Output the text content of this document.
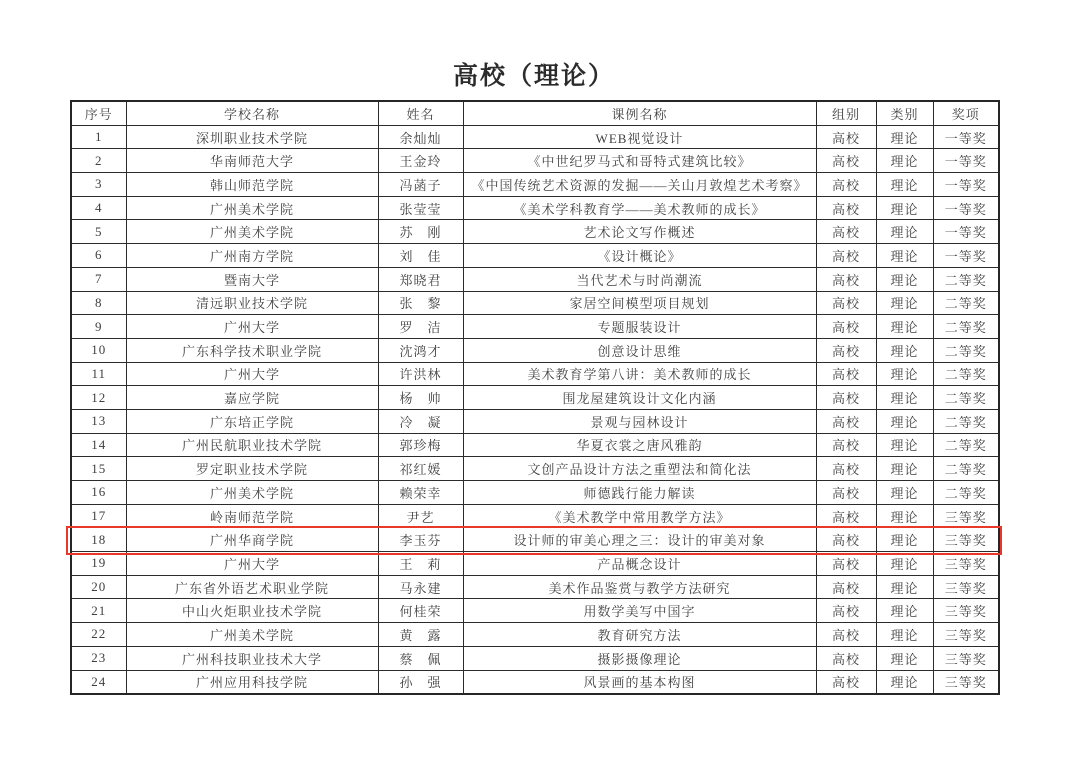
高校（理论）
序号	学校名称	姓名	课例名称	组别	类别	奖项
1	深圳职业技术学院	余灿灿	WEB视觉设计	高校	理论	一等奖
2	华南师范大学	王金玲	《中世纪罗马式和哥特式建筑比较》	高校	理论	一等奖
3	韩山师范学院	冯菡子	《中国传统艺术资源的发掘——关山月敦煌艺术考察》	高校	理论	一等奖
4	广州美术学院	张莹莹	《美术学科教育学——美术教师的成长》	高校	理论	一等奖
5	广州美术学院	苏　刚	艺术论文写作概述	高校	理论	一等奖
6	广州南方学院	刘　佳	《设计概论》	高校	理论	一等奖
7	暨南大学	郑晓君	当代艺术与时尚潮流	高校	理论	二等奖
8	清远职业技术学院	张　黎	家居空间模型项目规划	高校	理论	二等奖
9	广州大学	罗　洁	专题服装设计	高校	理论	二等奖
10	广东科学技术职业学院	沈鸿才	创意设计思维	高校	理论	二等奖
11	广州大学	许洪林	美术教育学第八讲：美术教师的成长	高校	理论	二等奖
12	嘉应学院	杨　帅	围龙屋建筑设计文化内涵	高校	理论	二等奖
13	广东培正学院	冷　凝	景观与园林设计	高校	理论	二等奖
14	广州民航职业技术学院	郭珍梅	华夏衣裳之唐风雅韵	高校	理论	二等奖
15	罗定职业技术学院	祁红媛	文创产品设计方法之重塑法和简化法	高校	理论	二等奖
16	广州美术学院	赖荣幸	师德践行能力解读	高校	理论	二等奖
17	岭南师范学院	尹艺	《美术教学中常用教学方法》	高校	理论	三等奖
18	广州华商学院	李玉芬	设计师的审美心理之三：设计的审美对象	高校	理论	三等奖
19	广州大学	王　莉	产品概念设计	高校	理论	三等奖
20	广东省外语艺术职业学院	马永建	美术作品鉴赏与教学方法研究	高校	理论	三等奖
21	中山火炬职业技术学院	何桂荣	用数学美写中国字	高校	理论	三等奖
22	广州美术学院	黄　露	教育研究方法	高校	理论	三等奖
23	广州科技职业技术大学	蔡　佩	摄影摄像理论	高校	理论	三等奖
24	广州应用科技学院	孙　强	风景画的基本构图	高校	理论	三等奖
